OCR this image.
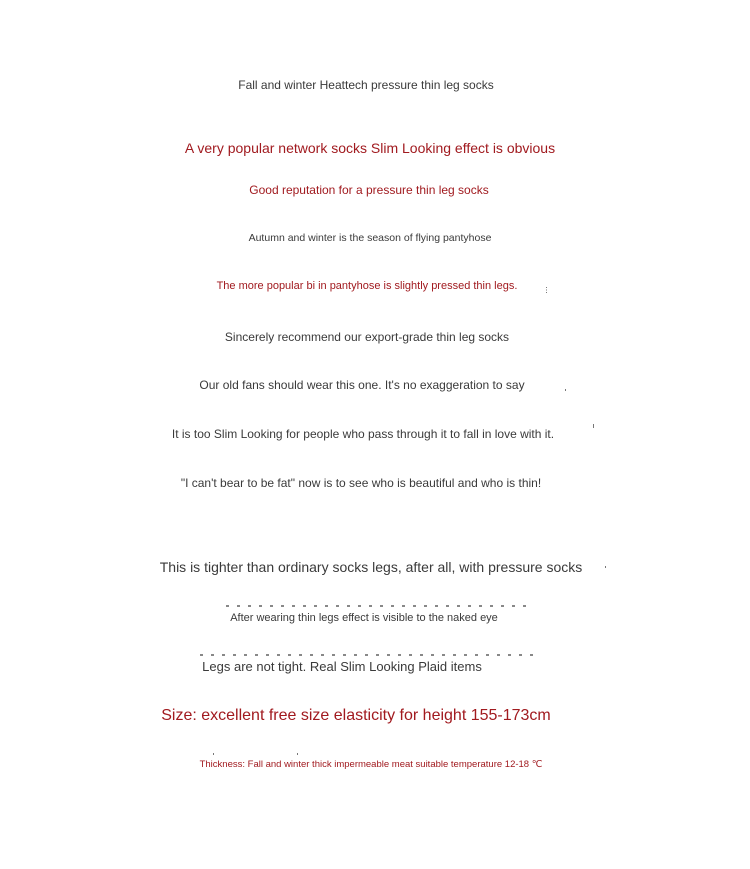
Fall and winter Heattech pressure thin leg socks
A very popular network socks Slim Looking effect is obvious
Good reputation for a pressure thin leg socks
Autumn and winter is the season of flying pantyhose
The more popular bi in pantyhose is slightly pressed thin legs.
Sincerely recommend our export-grade thin leg socks
Our old fans should wear this one. It's no exaggeration to say
It is too Slim Looking for people who pass through it to fall in love with it.
"I can't bear to be fat" now is to see who is beautiful and who is thin!
This is tighter than ordinary socks legs, after all, with pressure socks
After wearing thin legs effect is visible to the naked eye
Legs are not tight. Real Slim Looking Plaid items
Size: excellent free size elasticity for height 155-173cm
Thickness: Fall and winter thick impermeable meat suitable temperature 12-18 ℃
